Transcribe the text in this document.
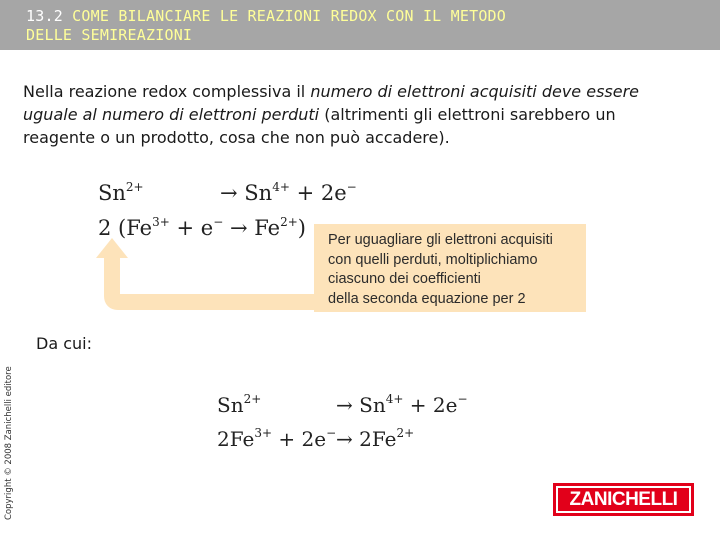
13.2 COME BILANCIARE LE REAZIONI REDOX CON IL METODO
DELLE SEMIREAZIONI
Nella reazione redox complessiva il numero di elettroni acquisiti deve essere uguale al numero di elettroni perduti (altrimenti gli elettroni sarebbero un reagente o un prodotto, cosa che non può accadere).
$Sn^{2+}$	→ $Sn^{4+} + 2e^-$
2 $(Fe^{3+} + e^- \to Fe^{2+})$ Per uguagliare gli elettroni acquisiti
con quelli perduti, moltiplichiamo
ciascuno dei coefficienti
della seconda equazione per 2
Da cui:
$Sn^{2+}$	→ $Sn^{4+} + 2e^-$
$2Fe^{3+} + 2e^- \to 2Fe^{2+}$
Copyright © 2008 Zanichelli editore	ZANICHELLI
